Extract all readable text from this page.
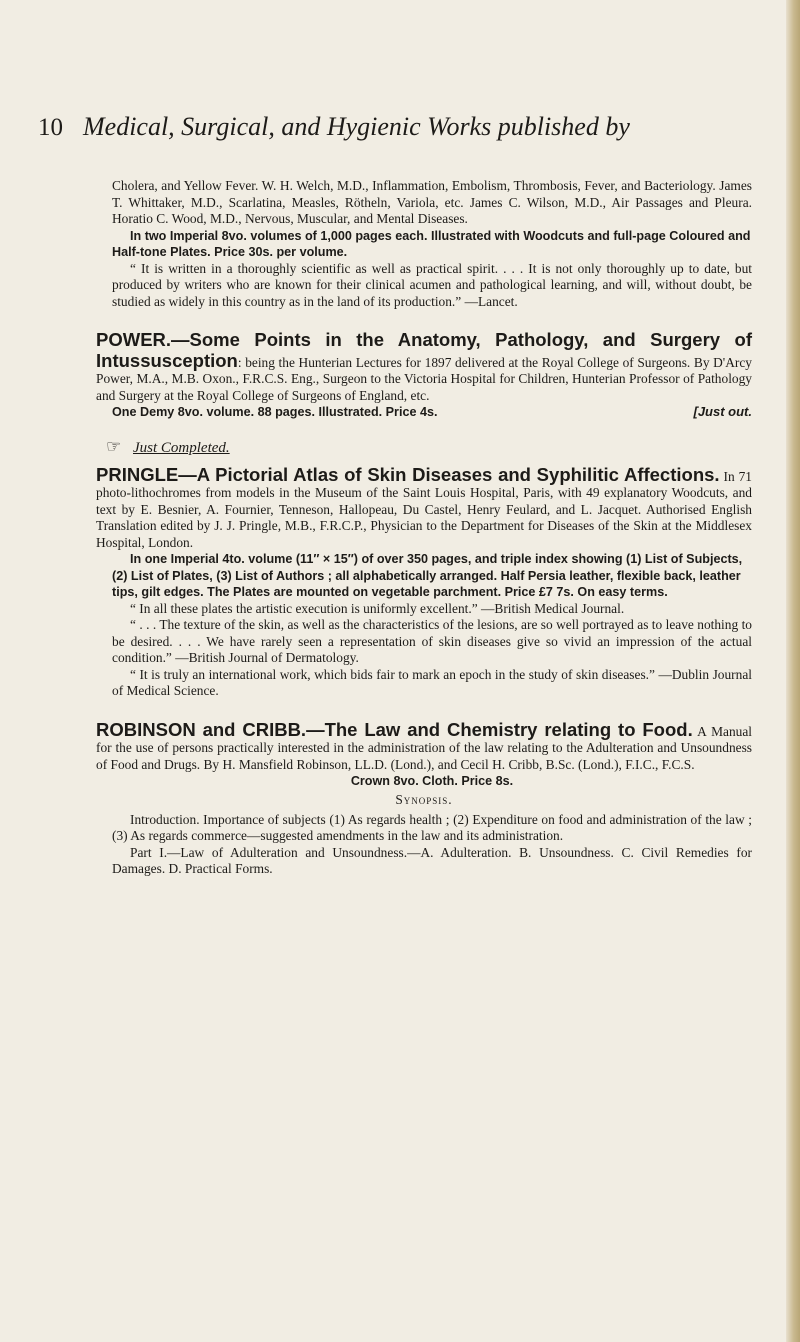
10 Medical, Surgical, and Hygienic Works published by

Cholera, and Yellow Fever. W. H. Welch, M.D., Inflammation, Embolism, Thrombosis, Fever, and Bacteriology. James T. Whittaker, M.D., Scarlatina, Measles, Rötheln, Variola, etc. James C. Wilson, M.D., Air Passages and Pleura. Horatio C. Wood, M.D., Nervous, Muscular, and Mental Diseases.

In two Imperial 8vo. volumes of 1,000 pages each. Illustrated with Woodcuts and full-page Coloured and Half-tone Plates. Price 30s. per volume.

“ It is written in a thoroughly scientific as well as practical spirit. . . . It is not only thoroughly up to date, but produced by writers who are known for their clinical acumen and pathological learning, and will, without doubt, be studied as widely in this country as in the land of its production.” —Lancet.

POWER.—Some Points in the Anatomy, Pathology, and Surgery of Intussusception: being the Hunterian Lectures for 1897 delivered at the Royal College of Surgeons. By D'Arcy Power, M.A., M.B. Oxon., F.R.C.S. Eng., Surgeon to the Victoria Hospital for Children, Hunterian Professor of Pathology and Surgery at the Royal College of Surgeons of England, etc.

One Demy 8vo. volume. 88 pages. Illustrated. Price 4s.	[Just out.

☞ Just Completed.

PRINGLE—A Pictorial Atlas of Skin Diseases and Syphilitic Affections. In 71 photo-lithochromes from models in the Museum of the Saint Louis Hospital, Paris, with 49 explanatory Woodcuts, and text by E. Besnier, A. Fournier, Tenneson, Hallopeau, Du Castel, Henry Feulard, and L. Jacquet. Authorised English Translation edited by J. J. Pringle, M.B., F.R.C.P., Physician to the Department for Diseases of the Skin at the Middlesex Hospital, London.

In one Imperial 4to. volume (11″ × 15″) of over 350 pages, and triple index showing (1) List of Subjects, (2) List of Plates, (3) List of Authors ; all alphabetically arranged. Half Persia leather, flexible back, leather tips, gilt edges. The Plates are mounted on vegetable parchment. Price £7 7s. On easy terms.

“ In all these plates the artistic execution is uniformly excellent.” —British Medical Journal.

“ . . . The texture of the skin, as well as the characteristics of the lesions, are so well portrayed as to leave nothing to be desired. . . . We have rarely seen a representation of skin diseases give so vivid an impression of the actual condition.” —British Journal of Dermatology.

“ It is truly an international work, which bids fair to mark an epoch in the study of skin diseases.” —Dublin Journal of Medical Science.

ROBINSON and CRIBB.—The Law and Chemistry relating to Food. A Manual for the use of persons practically interested in the administration of the law relating to the Adulteration and Unsoundness of Food and Drugs. By H. Mansfield Robinson, LL.D. (Lond.), and Cecil H. Cribb, B.Sc. (Lond.), F.I.C., F.C.S.

Crown 8vo. Cloth. Price 8s.

Synopsis.

Introduction. Importance of subjects (1) As regards health ; (2) Expenditure on food and administration of the law ; (3) As regards commerce—suggested amendments in the law and its administration.

Part I.—Law of Adulteration and Unsoundness.—A. Adulteration. B. Unsoundness. C. Civil Remedies for Damages. D. Practical Forms.
